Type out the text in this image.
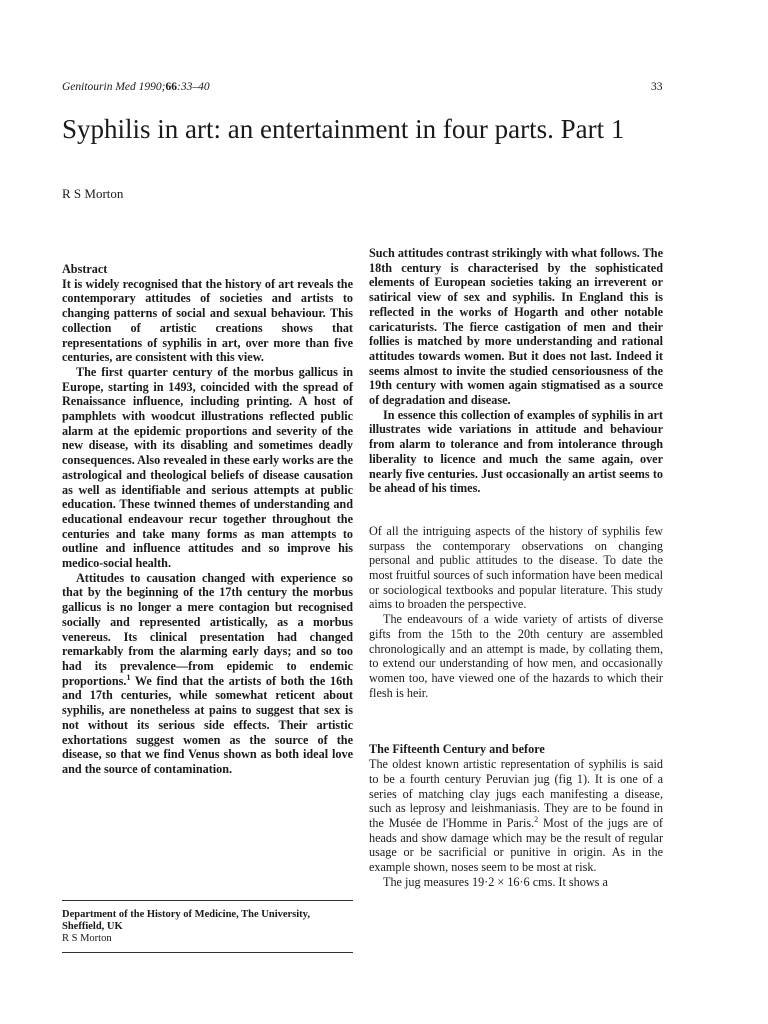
Genitourin Med 1990;66:33–40	33
Syphilis in art: an entertainment in four parts. Part 1
R S Morton
Abstract

It is widely recognised that the history of art reveals the contemporary attitudes of societies and artists to changing patterns of social and sexual behaviour. This collection of artistic creations shows that representations of syphilis in art, over more than five centuries, are consistent with this view.

The first quarter century of the morbus gallicus in Europe, starting in 1493, coincided with the spread of Renaissance influence, including printing. A host of pamphlets with woodcut illustrations reflected public alarm at the epidemic proportions and severity of the new disease, with its disabling and sometimes deadly consequences. Also revealed in these early works are the astrological and theological beliefs of disease causation as well as identifiable and serious attempts at public education. These twinned themes of understanding and educational endeavour recur together throughout the centuries and take many forms as man attempts to outline and influence attitudes and so improve his medico-social health.

Attitudes to causation changed with experience so that by the beginning of the 17th century the morbus gallicus is no longer a mere contagion but recognised socially and represented artistically, as a morbus venereus. Its clinical presentation had changed remarkably from the alarming early days; and so too had its prevalence—from epidemic to endemic proportions.$^1$ We find that the artists of both the 16th and 17th centuries, while somewhat reticent about syphilis, are nonetheless at pains to suggest that sex is not without its serious side effects. Their artistic exhortations suggest women as the source of the disease, so that we find Venus shown as both ideal love and the source of contamination.

Department of the History of Medicine, The University, Sheffield, UK
R S Morton

Such attitudes contrast strikingly with what follows. The 18th century is characterised by the sophisticated elements of European societies taking an irreverent or satirical view of sex and syphilis. In England this is reflected in the works of Hogarth and other notable caricaturists. The fierce castigation of men and their follies is matched by more understanding and rational attitudes towards women. But it does not last. Indeed it seems almost to invite the studied censoriousness of the 19th century with women again stigmatised as a source of degradation and disease.

In essence this collection of examples of syphilis in art illustrates wide variations in attitude and behaviour from alarm to tolerance and from intolerance through liberality to licence and much the same again, over nearly five centuries. Just occasionally an artist seems to be ahead of his times.

Of all the intriguing aspects of the history of syphilis few surpass the contemporary observations on changing personal and public attitudes to the disease. To date the most fruitful sources of such information have been medical or sociological textbooks and popular literature. This study aims to broaden the perspective.

The endeavours of a wide variety of artists of diverse gifts from the 15th to the 20th century are assembled chronologically and an attempt is made, by collating them, to extend our understanding of how men, and occasionally women too, have viewed one of the hazards to which their flesh is heir.

The Fifteenth Century and before

The oldest known artistic representation of syphilis is said to be a fourth century Peruvian jug (fig 1). It is one of a series of matching clay jugs each manifesting a disease, such as leprosy and leishmaniasis. They are to be found in the Musée de l'Homme in Paris.$^2$ Most of the jugs are of heads and show damage which may be the result of regular usage or be sacrificial or punitive in origin. As in the example shown, noses seem to be most at risk.

The jug measures 19·2 × 16·6 cms. It shows a
